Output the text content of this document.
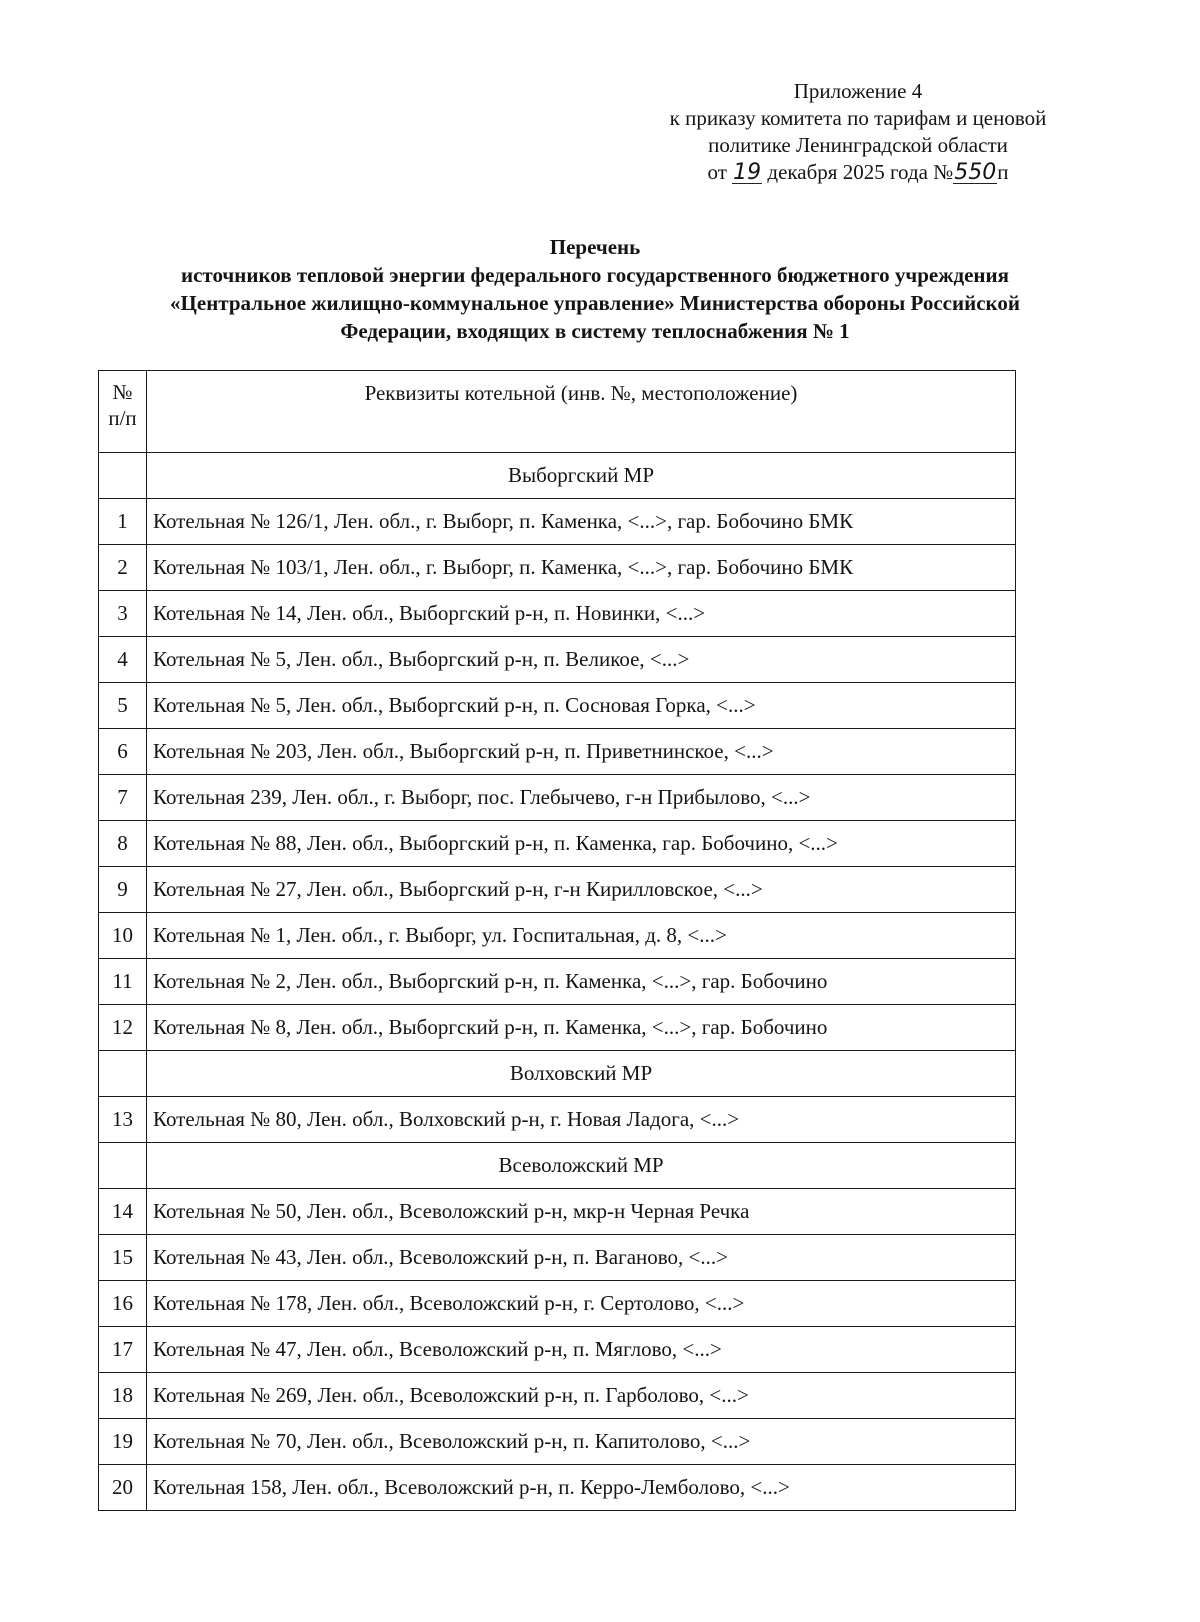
Приложение 4
к приказу комитета по тарифам и ценовой
политике Ленинградской области
от 19 декабря 2025 года №550п
Перечень
источников тепловой энергии федерального государственного бюджетного учреждения
«Центральное жилищно-коммунальное управление» Министерства обороны Российской
Федерации, входящих в систему теплоснабжения № 1
№
п/п	Реквизиты котельной (инв. №, местоположение)
	Выборгский МР
1	Котельная № 126/1, Лен. обл., г. Выборг, п. Каменка, <...>, гар. Бобочино БМК
2	Котельная № 103/1, Лен. обл., г. Выборг, п. Каменка, <...>, гар. Бобочино БМК
3	Котельная № 14, Лен. обл., Выборгский р-н, п. Новинки, <...>
4	Котельная № 5, Лен. обл., Выборгский р-н, п. Великое, <...>
5	Котельная № 5, Лен. обл., Выборгский р-н, п. Сосновая Горка, <...>
6	Котельная № 203, Лен. обл., Выборгский р-н, п. Приветнинское, <...>
7	Котельная 239, Лен. обл., г. Выборг, пос. Глебычево, г-н Прибылово, <...>
8	Котельная № 88, Лен. обл., Выборгский р-н, п. Каменка, гар. Бобочино, <...>
9	Котельная № 27, Лен. обл., Выборгский р-н, г-н Кирилловское, <...>
10	Котельная № 1, Лен. обл., г. Выборг, ул. Госпитальная, д. 8, <...>
11	Котельная № 2, Лен. обл., Выборгский р-н, п. Каменка, <...>, гар. Бобочино
12	Котельная № 8, Лен. обл., Выборгский р-н, п. Каменка, <...>, гар. Бобочино
	Волховский МР
13	Котельная № 80, Лен. обл., Волховский р-н, г. Новая Ладога, <...>
	Всеволожский МР
14	Котельная № 50, Лен. обл., Всеволожский р-н, мкр-н Черная Речка
15	Котельная № 43, Лен. обл., Всеволожский р-н, п. Ваганово, <...>
16	Котельная № 178, Лен. обл., Всеволожский р-н, г. Сертолово, <...>
17	Котельная № 47, Лен. обл., Всеволожский р-н, п. Мяглово, <...>
18	Котельная № 269, Лен. обл., Всеволожский р-н, п. Гарболово, <...>
19	Котельная № 70, Лен. обл., Всеволожский р-н, п. Капитолово, <...>
20	Котельная 158, Лен. обл., Всеволожский р-н, п. Керро-Лемболово, <...>
